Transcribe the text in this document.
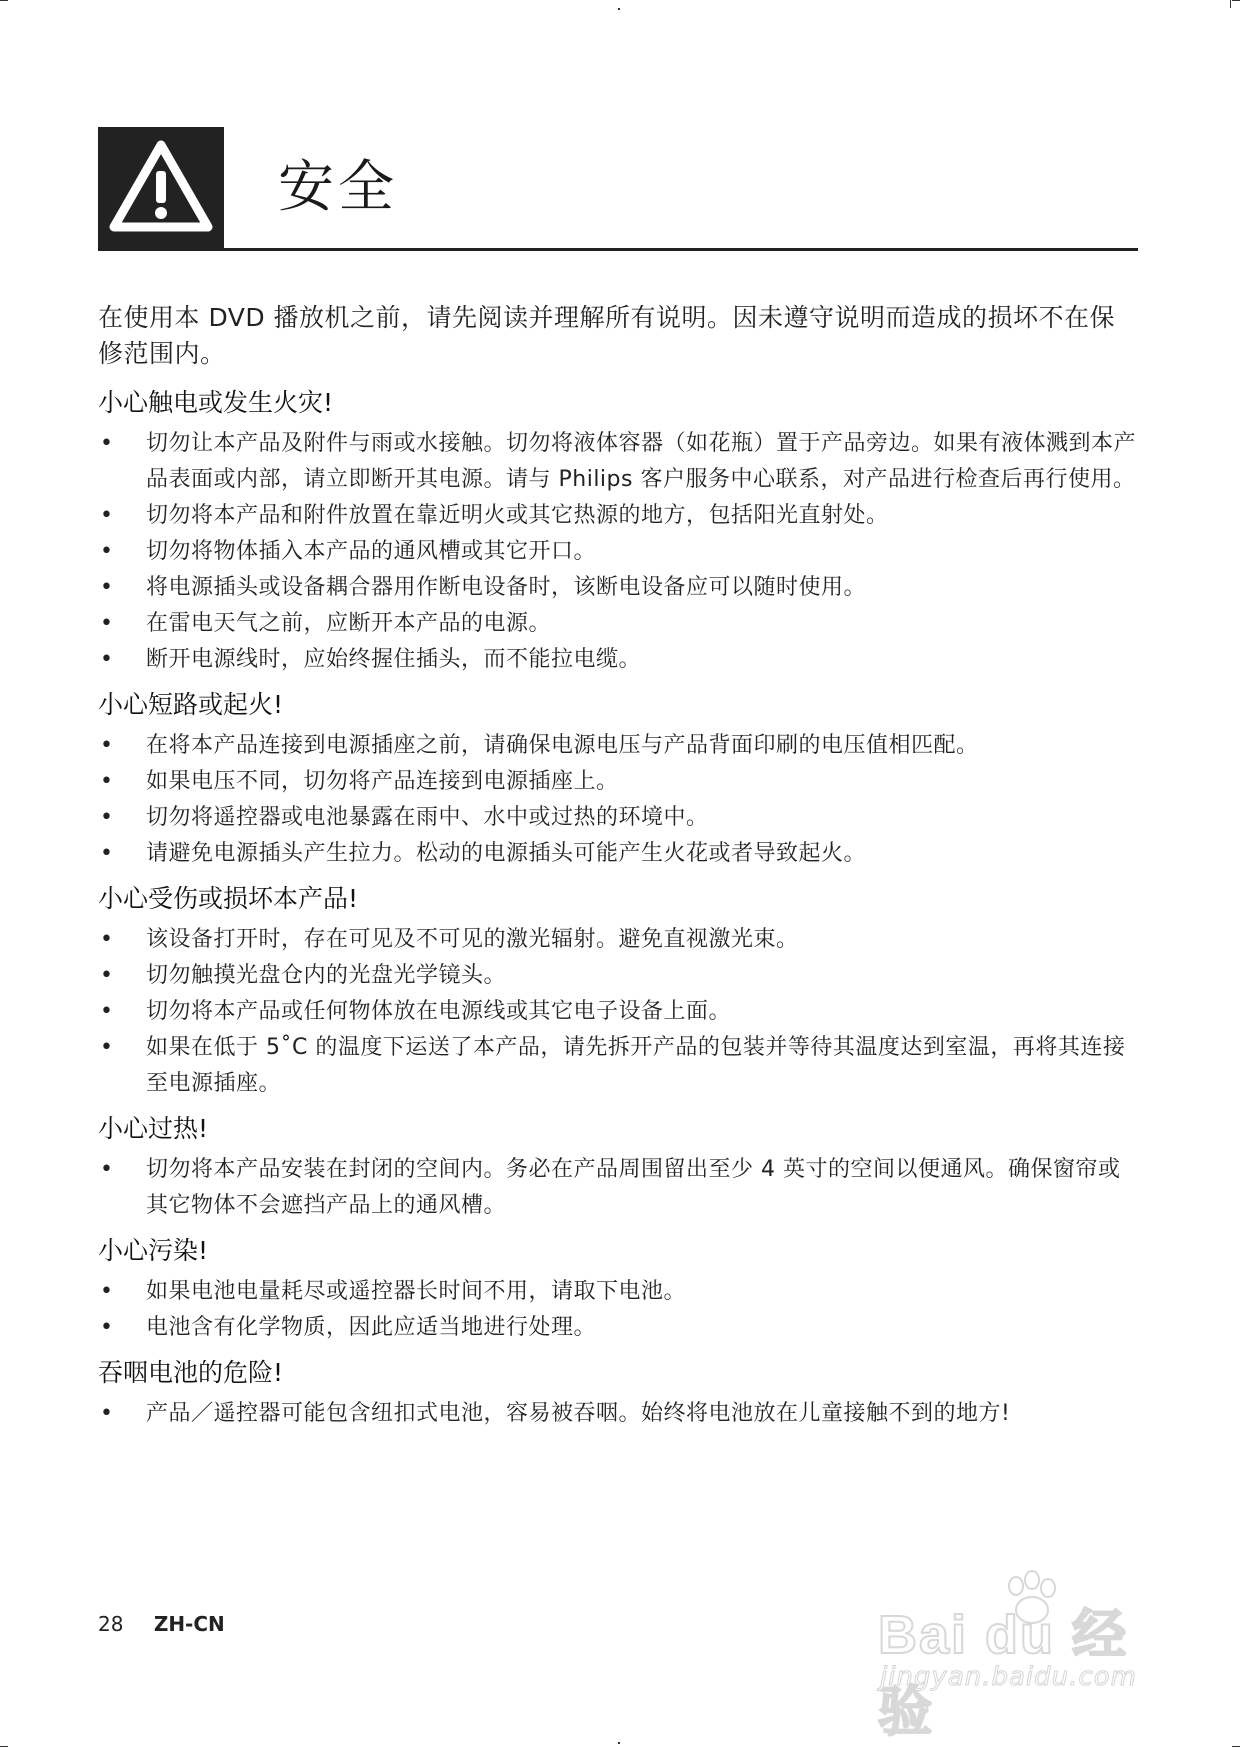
安全

在使用本 DVD 播放机之前，请先阅读并理解所有说明。因未遵守说明而造成的损坏不在保修范围内。

小心触电或发生火灾!
• 切勿让本产品及附件与雨或水接触。切勿将液体容器（如花瓶）置于产品旁边。如果有液体溅到本产品表面或内部，请立即断开其电源。请与 Philips 客户服务中心联系，对产品进行检查后再行使用。
• 切勿将本产品和附件放置在靠近明火或其它热源的地方，包括阳光直射处。
• 切勿将物体插入本产品的通风槽或其它开口。
• 将电源插头或设备耦合器用作断电设备时，该断电设备应可以随时使用。
• 在雷电天气之前，应断开本产品的电源。
• 断开电源线时，应始终握住插头，而不能拉电缆。
小心短路或起火!
• 在将本产品连接到电源插座之前，请确保电源电压与产品背面印刷的电压值相匹配。
• 如果电压不同，切勿将产品连接到电源插座上。
• 切勿将遥控器或电池暴露在雨中、水中或过热的环境中。
• 请避免电源插头产生拉力。松动的电源插头可能产生火花或者导致起火。
小心受伤或损坏本产品!
• 该设备打开时，存在可见及不可见的激光辐射。避免直视激光束。
• 切勿触摸光盘仓内的光盘光学镜头。
• 切勿将本产品或任何物体放在电源线或其它电子设备上面。
• 如果在低于 5˚C 的温度下运送了本产品，请先拆开产品的包装并等待其温度达到室温，再将其连接至电源插座。
小心过热!
• 切勿将本产品安装在封闭的空间内。务必在产品周围留出至少 4 英寸的空间以便通风。确保窗帘或其它物体不会遮挡产品上的通风槽。
小心污染!
• 如果电池电量耗尽或遥控器长时间不用，请取下电池。
• 电池含有化学物质，因此应适当地进行处理。
吞咽电池的危险!
• 产品／遥控器可能包含纽扣式电池，容易被吞咽。始终将电池放在儿童接触不到的地方!
28 ZH-CN	Bai du 经验
jingyan.baidu.com
